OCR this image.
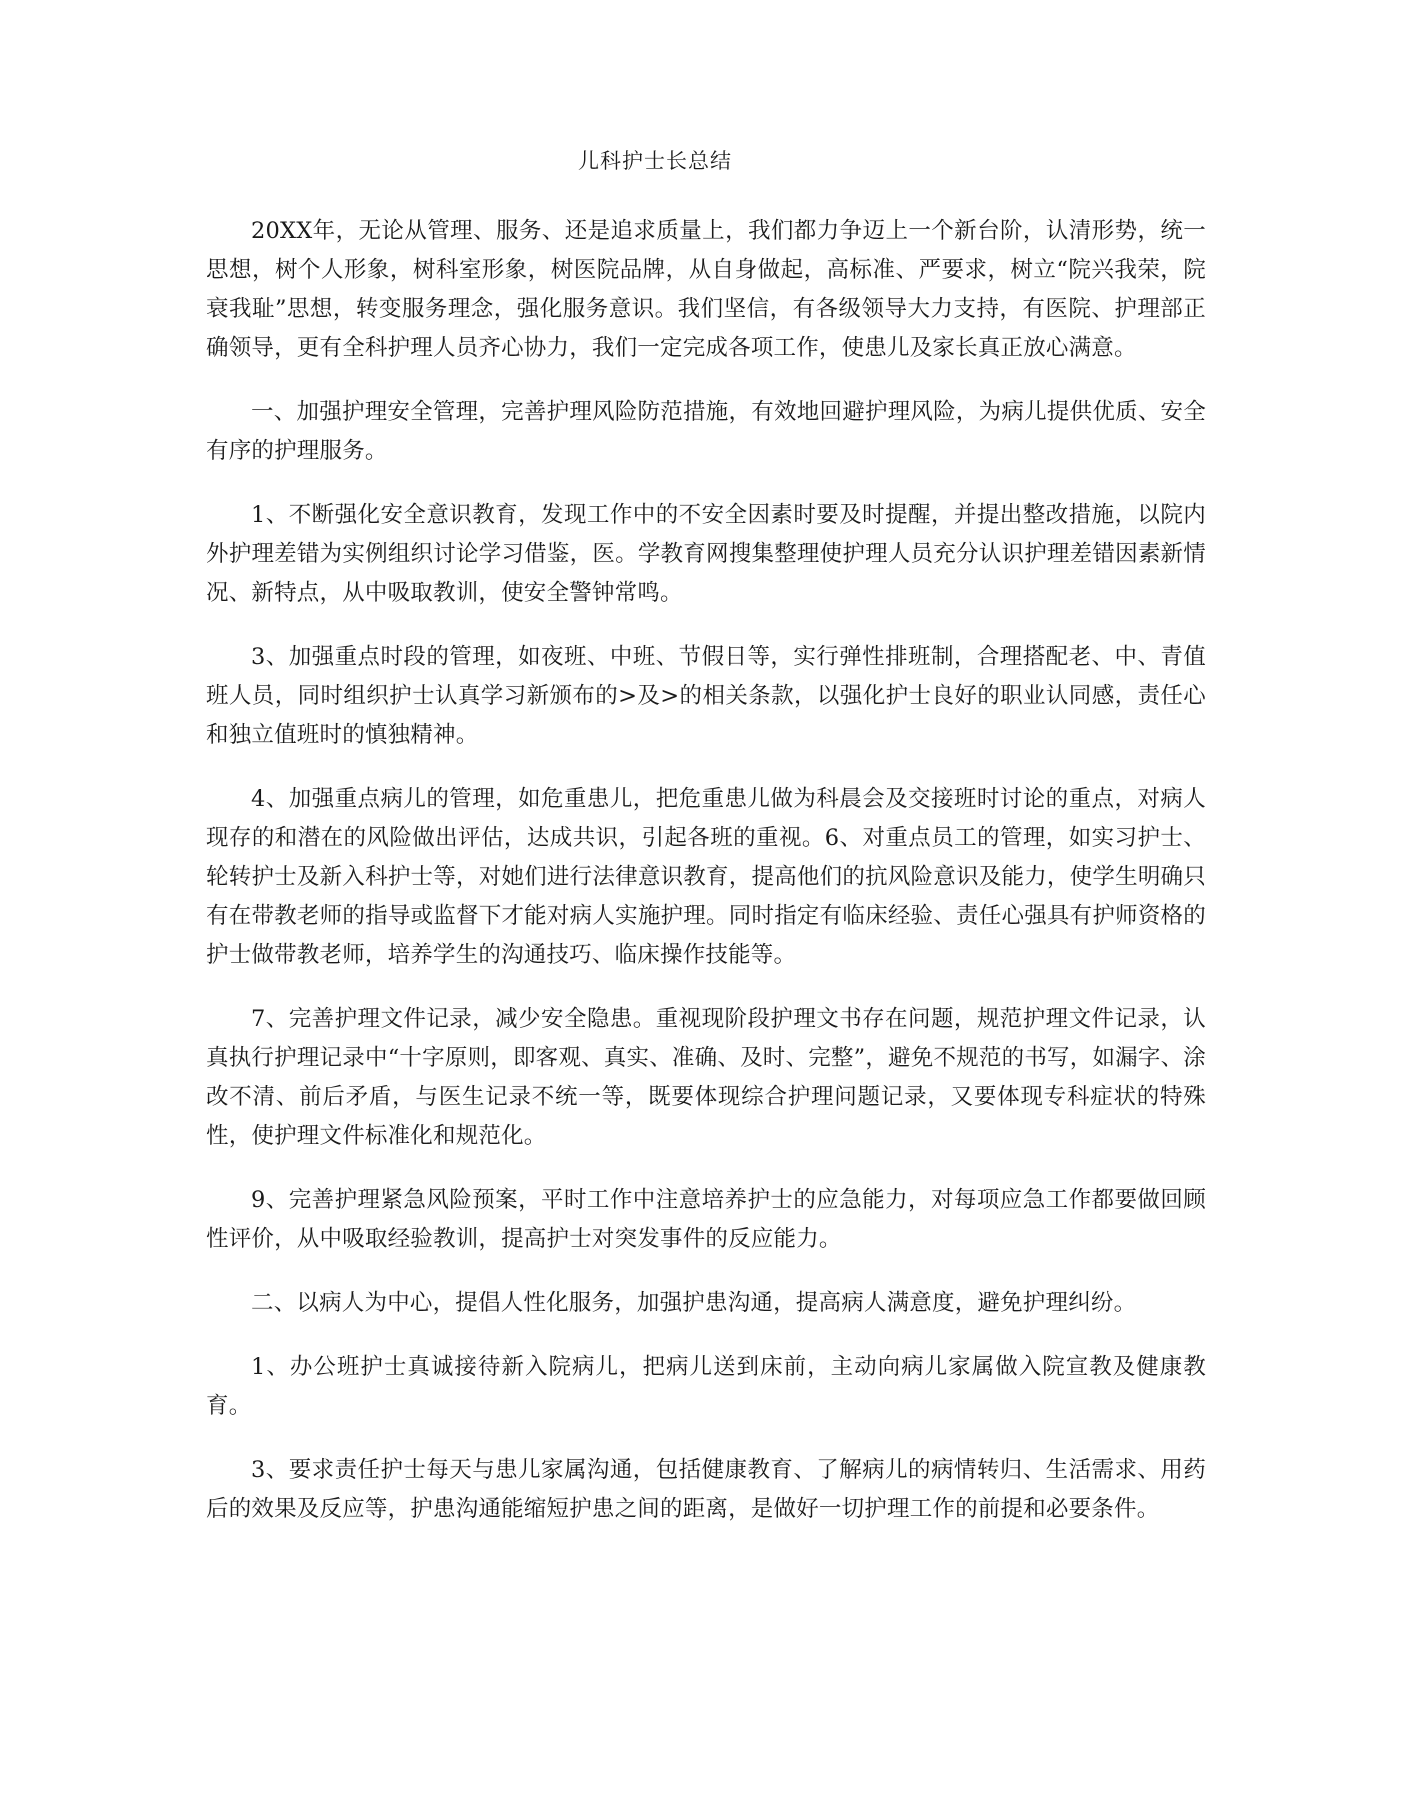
儿科护士长总结

20XX年，无论从管理、服务、还是追求质量上，我们都力争迈上一个新台阶，认清形势，统一思想，树个人形象，树科室形象，树医院品牌，从自身做起，高标准、严要求，树立“院兴我荣，院衰我耻”思想，转变服务理念，强化服务意识。我们坚信，有各级领导大力支持，有医院、护理部正确领导，更有全科护理人员齐心协力，我们一定完成各项工作，使患儿及家长真正放心满意。

一、加强护理安全管理，完善护理风险防范措施，有效地回避护理风险，为病儿提供优质、安全有序的护理服务。

1、不断强化安全意识教育，发现工作中的不安全因素时要及时提醒，并提出整改措施，以院内外护理差错为实例组织讨论学习借鉴，医。学教育网搜集整理使护理人员充分认识护理差错因素新情况、新特点，从中吸取教训，使安全警钟常鸣。

3、加强重点时段的管理，如夜班、中班、节假日等，实行弹性排班制，合理搭配老、中、青值班人员，同时组织护士认真学习新颁布的>及>的相关条款，以强化护士良好的职业认同感，责任心和独立值班时的慎独精神。

4、加强重点病儿的管理，如危重患儿，把危重患儿做为科晨会及交接班时讨论的重点，对病人现存的和潜在的风险做出评估，达成共识，引起各班的重视。6、对重点员工的管理，如实习护士、轮转护士及新入科护士等，对她们进行法律意识教育，提高他们的抗风险意识及能力，使学生明确只有在带教老师的指导或监督下才能对病人实施护理。同时指定有临床经验、责任心强具有护师资格的护士做带教老师，培养学生的沟通技巧、临床操作技能等。

7、完善护理文件记录，减少安全隐患。重视现阶段护理文书存在问题，规范护理文件记录，认真执行护理记录中“十字原则，即客观、真实、准确、及时、完整”，避免不规范的书写，如漏字、涂改不清、前后矛盾，与医生记录不统一等，既要体现综合护理问题记录，又要体现专科症状的特殊性，使护理文件标准化和规范化。

9、完善护理紧急风险预案，平时工作中注意培养护士的应急能力，对每项应急工作都要做回顾性评价，从中吸取经验教训，提高护士对突发事件的反应能力。

二、以病人为中心，提倡人性化服务，加强护患沟通，提高病人满意度，避免护理纠纷。

1、办公班护士真诚接待新入院病儿，把病儿送到床前，主动向病儿家属做入院宣教及健康教育。

3、要求责任护士每天与患儿家属沟通，包括健康教育、了解病儿的病情转归、生活需求、用药后的效果及反应等，护患沟通能缩短护患之间的距离，是做好一切护理工作的前提和必要条件。
